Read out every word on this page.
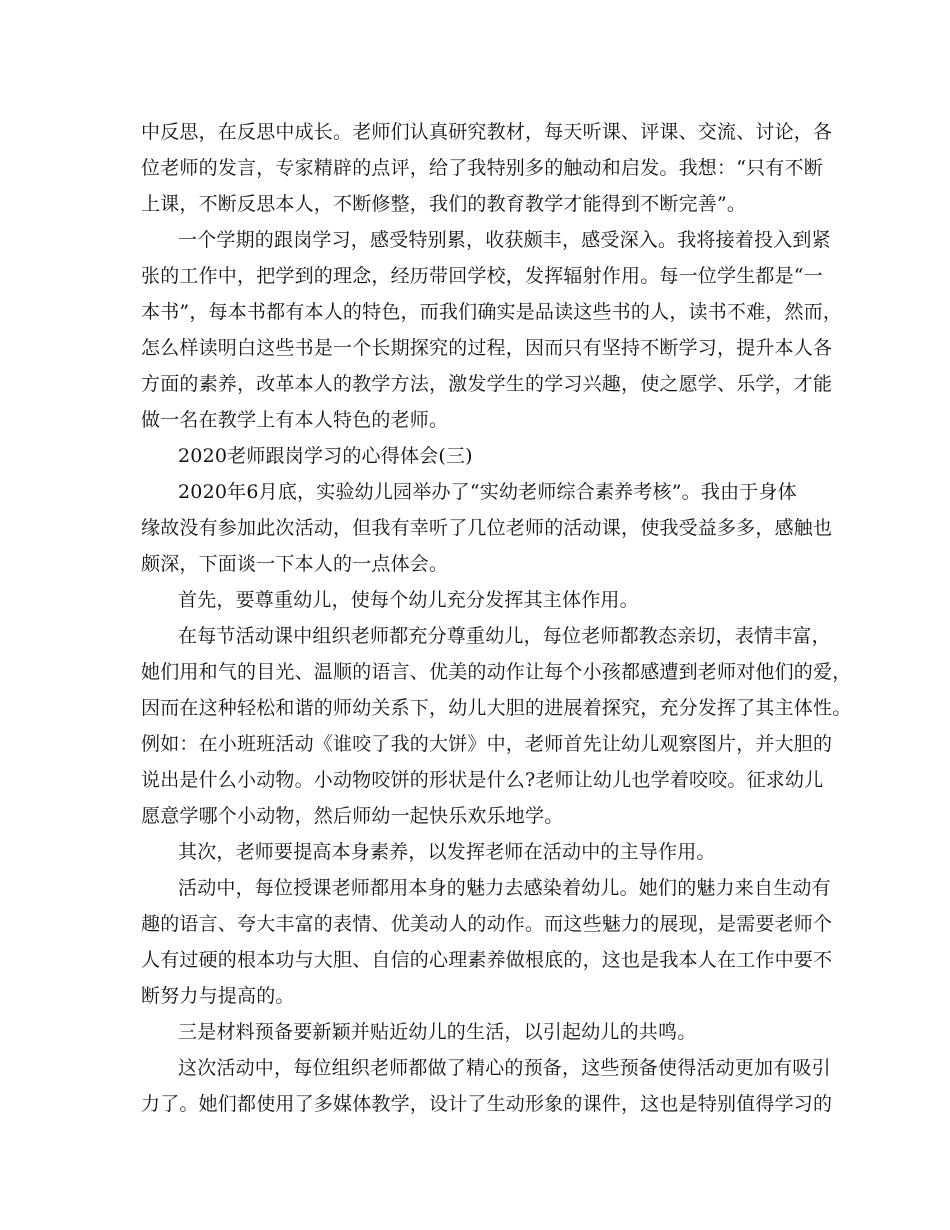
中反思，在反思中成长。老师们认真研究教材，每天听课、评课、交流、讨论，各
位老师的发言，专家精辟的点评，给了我特别多的触动和启发。我想：“只有不断
上课，不断反思本人，不断修整，我们的教育教学才能得到不断完善”。
一个学期的跟岗学习，感受特别累，收获颇丰，感受深入。我将接着投入到紧
张的工作中，把学到的理念，经历带回学校，发挥辐射作用。每一位学生都是“一
本书”，每本书都有本人的特色，而我们确实是品读这些书的人，读书不难，然而，
怎么样读明白这些书是一个长期探究的过程，因而只有坚持不断学习，提升本人各
方面的素养，改革本人的教学方法，激发学生的学习兴趣，使之愿学、乐学，才能
做一名在教学上有本人特色的老师。
2020老师跟岗学习的心得体会(三)
2020年6月底，实验幼儿园举办了“实幼老师综合素养考核”。我由于身体
缘故没有参加此次活动，但我有幸听了几位老师的活动课，使我受益多多，感触也
颇深，下面谈一下本人的一点体会。
首先，要尊重幼儿，使每个幼儿充分发挥其主体作用。
在每节活动课中组织老师都充分尊重幼儿，每位老师都教态亲切，表情丰富，
她们用和气的目光、温顺的语言、优美的动作让每个小孩都感遭到老师对他们的爱，
因而在这种轻松和谐的师幼关系下，幼儿大胆的进展着探究，充分发挥了其主体性。
例如：在小班班活动《谁咬了我的大饼》中，老师首先让幼儿观察图片，并大胆的
说出是什么小动物。小动物咬饼的形状是什么?老师让幼儿也学着咬咬。征求幼儿
愿意学哪个小动物，然后师幼一起快乐欢乐地学。
其次，老师要提高本身素养，以发挥老师在活动中的主导作用。
活动中，每位授课老师都用本身的魅力去感染着幼儿。她们的魅力来自生动有
趣的语言、夸大丰富的表情、优美动人的动作。而这些魅力的展现，是需要老师个
人有过硬的根本功与大胆、自信的心理素养做根底的，这也是我本人在工作中要不
断努力与提高的。
三是材料预备要新颖并贴近幼儿的生活，以引起幼儿的共鸣。
这次活动中，每位组织老师都做了精心的预备，这些预备使得活动更加有吸引
力了。她们都使用了多媒体教学，设计了生动形象的课件，这也是特别值得学习的
